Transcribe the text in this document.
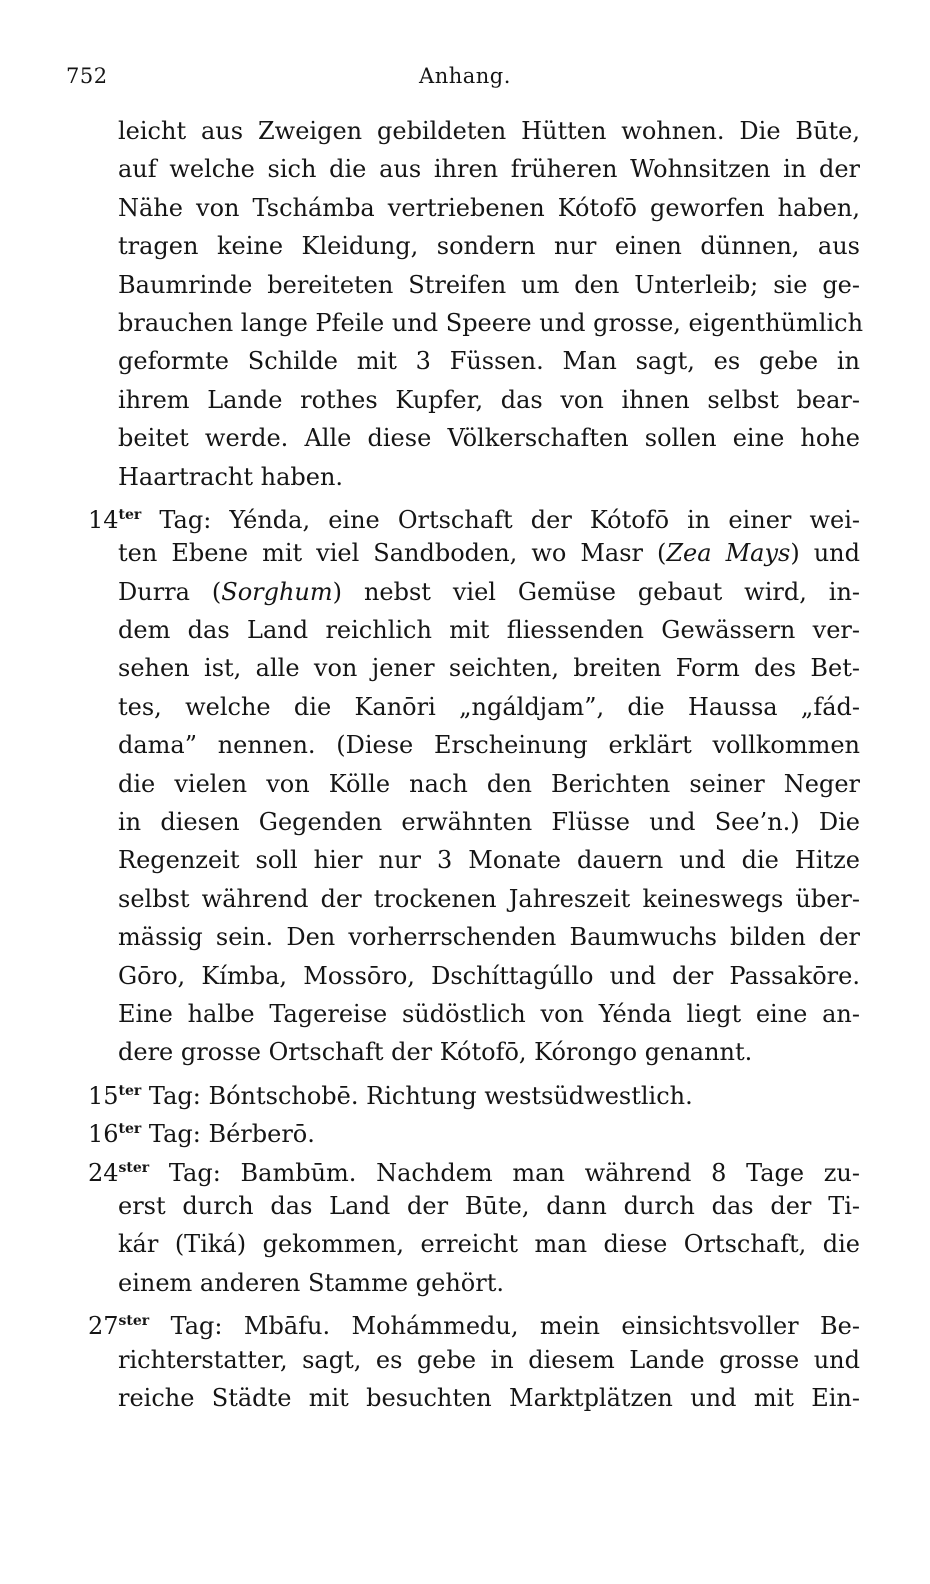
752	Anhang.
leicht aus Zweigen gebildeten Hütten wohnen. Die Būte,
auf welche sich die aus ihren früheren Wohnsitzen in der
Nähe von Tschámba vertriebenen Kótofō geworfen haben,
tragen keine Kleidung, sondern nur einen dünnen, aus
Baumrinde bereiteten Streifen um den Unterleib; sie ge-
brauchen lange Pfeile und Speere und grosse, eigenthümlich
geformte Schilde mit 3 Füssen. Man sagt, es gebe in
ihrem Lande rothes Kupfer, das von ihnen selbst bear-
beitet werde. Alle diese Völkerschaften sollen eine hohe
Haartracht haben.
$14^{ter}$ Tag: Yénda, eine Ortschaft der Kótofō in einer wei-
ten Ebene mit viel Sandboden, wo Masr (Zea Mays) und
Durra (Sorghum) nebst viel Gemüse gebaut wird, in-
dem das Land reichlich mit fliessenden Gewässern ver-
sehen ist, alle von jener seichten, breiten Form des Bet-
tes, welche die Kanōri „ngáldjam”, die Haussa „fád-
dama” nennen. (Diese Erscheinung erklärt vollkommen
die vielen von Kölle nach den Berichten seiner Neger
in diesen Gegenden erwähnten Flüsse und See’n.) Die
Regenzeit soll hier nur 3 Monate dauern und die Hitze
selbst während der trockenen Jahreszeit keineswegs über-
mässig sein. Den vorherrschenden Baumwuchs bilden der
Gōro, Kímba, Mossōro, Dschíttagúllo und der Passakōre.
Eine halbe Tagereise südöstlich von Yénda liegt eine an-
dere grosse Ortschaft der Kótofō, Kórongo genannt.
$15^{ter}$ Tag: Bóntschobē. Richtung westsüdwestlich.
$16^{ter}$ Tag: Bérberō.
$24^{ster}$ Tag: Bambūm. Nachdem man während 8 Tage zu-
erst durch das Land der Būte, dann durch das der Ti-
kár (Tiká) gekommen, erreicht man diese Ortschaft, die
einem anderen Stamme gehört.
$27^{ster}$ Tag: Mbāfu. Mohámmedu, mein einsichtsvoller Be-
richterstatter, sagt, es gebe in diesem Lande grosse und
reiche Städte mit besuchten Marktplätzen und mit Ein-
